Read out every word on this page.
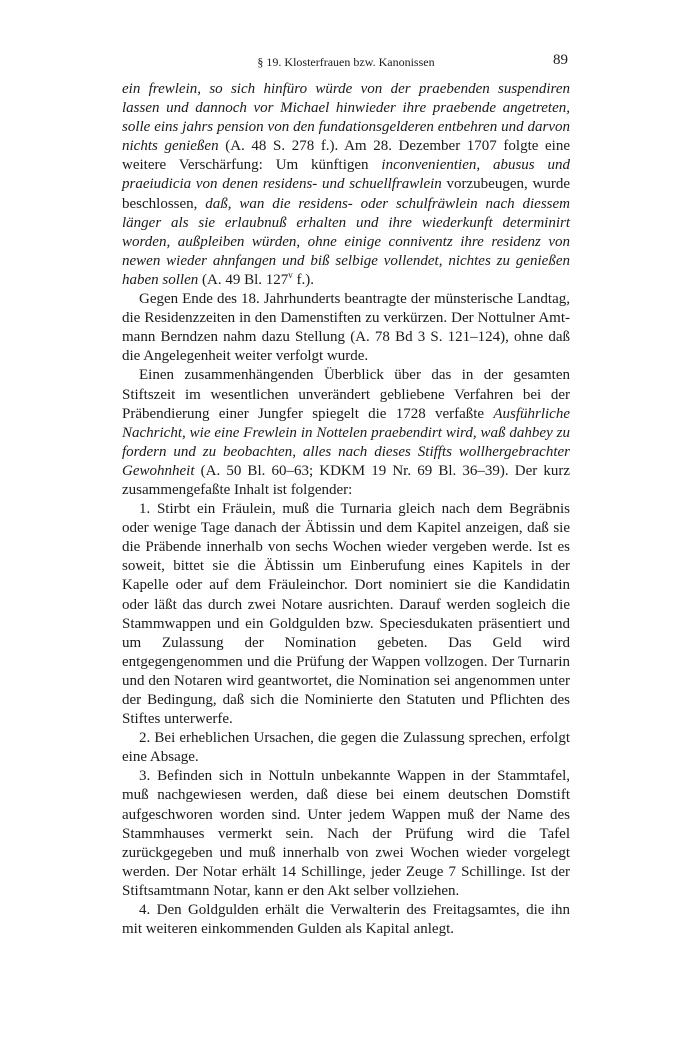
§ 19. Klosterfrauen bzw. Kanonissen	89

ein frewlein, so sich hinfüro würde von der praebenden suspendiren lassen und dannoch vor Michael hinwieder ihre praebende angetreten, solle eins jahrs pension von den fundationsgelderen entbehren und darvon nichts genießen (A. 48 S. 278 f.). Am 28. Dezember 1707 folgte eine weitere Verschärfung: Um künftigen inconvenientien, abusus und praeiudicia von denen residens- und schuellfrawlein vorzubeugen, wurde beschlossen, daß, wan die residens- oder schulfräwlein nach diessem länger als sie erlaubnuß erhalten und ihre wiederkunft determinirt worden, außpleiben würden, ohne einige conniventz ihre residenz von newen wieder ahnfangen und biß selbige vollendet, nichtes zu genießen haben sollen (A. 49 Bl. 127$^v$ f.).

Gegen Ende des 18. Jahrhunderts beantragte der münsterische Landtag, die Residenzzeiten in den Damenstiften zu verkürzen. Der Nottulner Amtmann Berndzen nahm dazu Stellung (A. 78 Bd 3 S. 121–124), ohne daß die Angelegenheit weiter verfolgt wurde.

Einen zusammenhängenden Überblick über das in der gesamten Stiftszeit im wesentlichen unverändert gebliebene Verfahren bei der Präbendierung einer Jungfer spiegelt die 1728 verfaßte Ausführliche Nachricht, wie eine Frewlein in Nottelen praebendirt wird, waß dahbey zu fordern und zu beobachten, alles nach dieses Stiffts wollhergebrachter Gewohnheit (A. 50 Bl. 60–63; KDKM 19 Nr. 69 Bl. 36–39). Der kurz zusammengefaßte Inhalt ist folgender:

1. Stirbt ein Fräulein, muß die Turnaria gleich nach dem Begräbnis oder wenige Tage danach der Äbtissin und dem Kapitel anzeigen, daß sie die Präbende innerhalb von sechs Wochen wieder vergeben werde. Ist es soweit, bittet sie die Äbtissin um Einberufung eines Kapitels in der Kapelle oder auf dem Fräuleinchor. Dort nominiert sie die Kandidatin oder läßt das durch zwei Notare ausrichten. Darauf werden sogleich die Stammwappen und ein Goldgulden bzw. Speciesdukaten präsentiert und um Zulassung der Nomination gebeten. Das Geld wird entgegengenommen und die Prüfung der Wappen vollzogen. Der Turnarin und den Notaren wird geantwortet, die Nomination sei angenommen unter der Bedingung, daß sich die Nominierte den Statuten und Pflichten des Stiftes unterwerfe.

2. Bei erheblichen Ursachen, die gegen die Zulassung sprechen, erfolgt eine Absage.

3. Befinden sich in Nottuln unbekannte Wappen in der Stammtafel, muß nachgewiesen werden, daß diese bei einem deutschen Domstift aufgeschworen worden sind. Unter jedem Wappen muß der Name des Stammhauses vermerkt sein. Nach der Prüfung wird die Tafel zurückgegeben und muß innerhalb von zwei Wochen wieder vorgelegt werden. Der Notar erhält 14 Schillinge, jeder Zeuge 7 Schillinge. Ist der Stiftsamtmann Notar, kann er den Akt selber vollziehen.

4. Den Goldgulden erhält die Verwalterin des Freitagsamtes, die ihn mit weiteren einkommenden Gulden als Kapital anlegt.
